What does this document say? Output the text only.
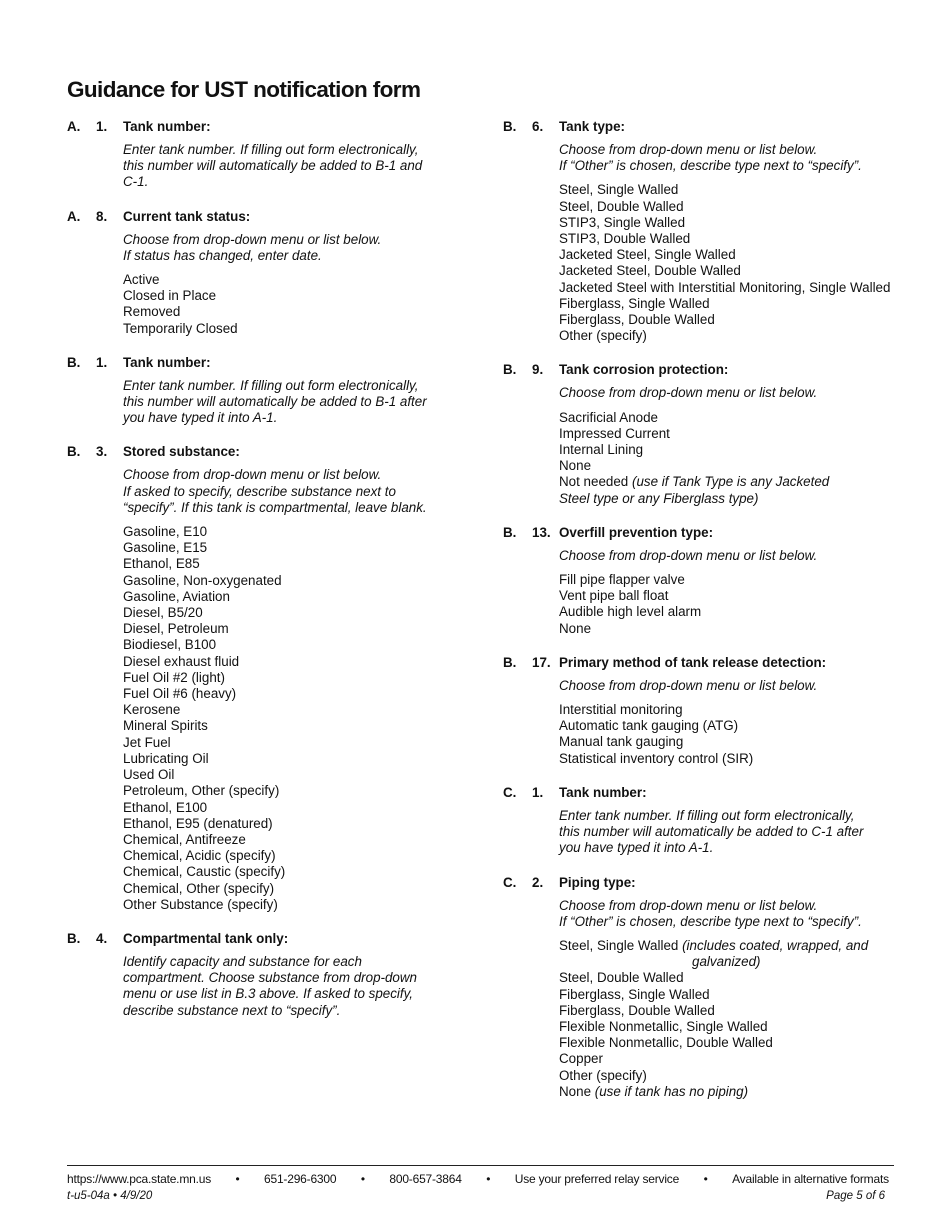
Guidance for UST notification form
A. 1. Tank number:
Enter tank number. If filling out form electronically,
this number will automatically be added to B-1 and
C-1.
A. 8. Current tank status:
Choose from drop-down menu or list below.
If status has changed, enter date.
Active
Closed in Place
Removed
Temporarily Closed
B. 1. Tank number:
Enter tank number. If filling out form electronically,
this number will automatically be added to B-1 after
you have typed it into A-1.
B. 3. Stored substance:
Choose from drop-down menu or list below.
If asked to specify, describe substance next to
“specify”. If this tank is compartmental, leave blank.
Gasoline, E10
Gasoline, E15
Ethanol, E85
Gasoline, Non-oxygenated
Gasoline, Aviation
Diesel, B5/20
Diesel, Petroleum
Biodiesel, B100
Diesel exhaust fluid
Fuel Oil #2 (light)
Fuel Oil #6 (heavy)
Kerosene
Mineral Spirits
Jet Fuel
Lubricating Oil
Used Oil
Petroleum, Other (specify)
Ethanol, E100
Ethanol, E95 (denatured)
Chemical, Antifreeze
Chemical, Acidic (specify)
Chemical, Caustic (specify)
Chemical, Other (specify)
Other Substance (specify)
B. 4. Compartmental tank only:
Identify capacity and substance for each
compartment. Choose substance from drop-down
menu or use list in B.3 above. If asked to specify,
describe substance next to “specify”.
B. 6. Tank type:
Choose from drop-down menu or list below.
If “Other” is chosen, describe type next to “specify”.
Steel, Single Walled
Steel, Double Walled
STIP3, Single Walled
STIP3, Double Walled
Jacketed Steel, Single Walled
Jacketed Steel, Double Walled
Jacketed Steel with Interstitial Monitoring, Single Walled
Fiberglass, Single Walled
Fiberglass, Double Walled
Other (specify)
B. 9. Tank corrosion protection:
Choose from drop-down menu or list below.
Sacrificial Anode
Impressed Current
Internal Lining
None
Not needed (use if Tank Type is any Jacketed
Steel type or any Fiberglass type)
B. 13. Overfill prevention type:
Choose from drop-down menu or list below.
Fill pipe flapper valve
Vent pipe ball float
Audible high level alarm
None
B. 17. Primary method of tank release detection:
Choose from drop-down menu or list below.
Interstitial monitoring
Automatic tank gauging (ATG)
Manual tank gauging
Statistical inventory control (SIR)
C. 1. Tank number:
Enter tank number. If filling out form electronically,
this number will automatically be added to C-1 after
you have typed it into A-1.
C. 2. Piping type:
Choose from drop-down menu or list below.
If “Other” is chosen, describe type next to “specify”.
Steel, Single Walled (includes coated, wrapped, and
galvanized)
Steel, Double Walled
Fiberglass, Single Walled
Fiberglass, Double Walled
Flexible Nonmetallic, Single Walled
Flexible Nonmetallic, Double Walled
Copper
Other (specify)
None (use if tank has no piping)
https://www.pca.state.mn.us • 651-296-6300 • 800-657-3864 • Use your preferred relay service • Available in alternative formats
t-u5-04a • 4/9/20	Page 5 of 6
